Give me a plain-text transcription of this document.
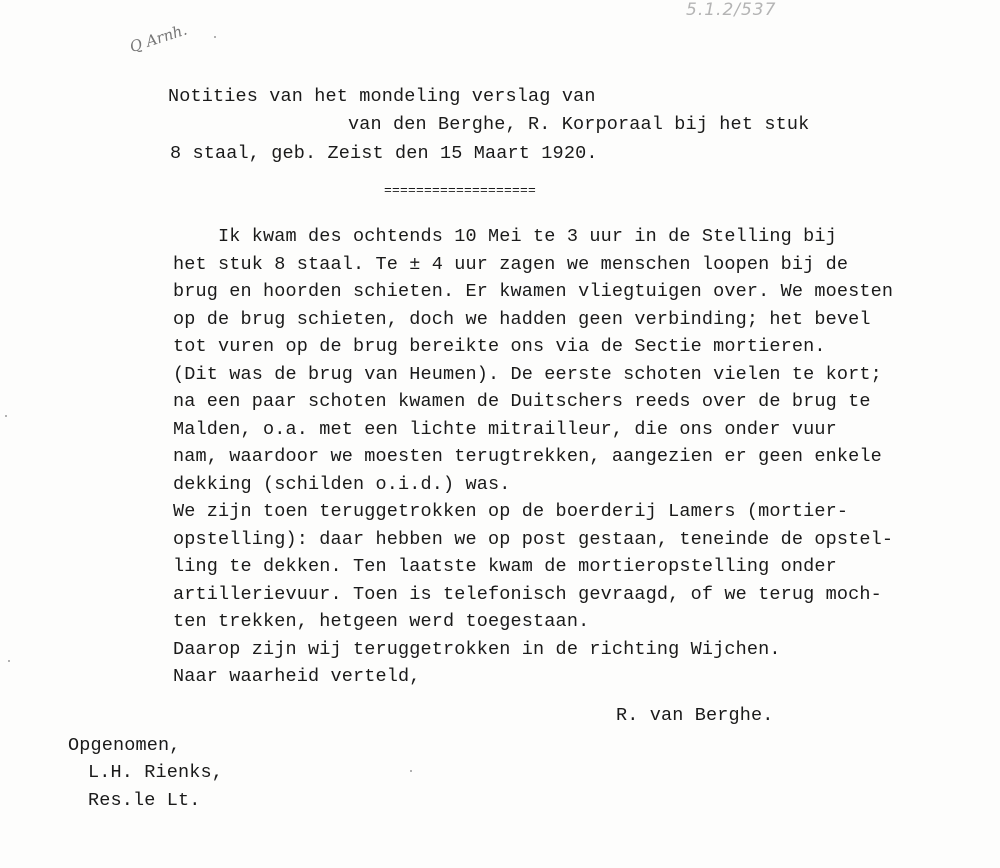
5.1.2/537
Q Arnh.
Notities van het mondeling verslag van
van den Berghe, R. Korporaal bij het stuk
8 staal, geb. Zeist den 15 Maart 1920.
===================
Ik kwam des ochtends 10 Mei te 3 uur in de Stelling bij
het stuk 8 staal. Te ± 4 uur zagen we menschen loopen bij de
brug en hoorden schieten. Er kwamen vliegtuigen over. We moesten
op de brug schieten, doch we hadden geen verbinding; het bevel
tot vuren op de brug bereikte ons via de Sectie mortieren.
(Dit was de brug van Heumen). De eerste schoten vielen te kort;
na een paar schoten kwamen de Duitschers reeds over de brug te
Malden, o.a. met een lichte mitrailleur, die ons onder vuur
nam, waardoor we moesten terugtrekken, aangezien er geen enkele
dekking (schilden o.i.d.) was.
We zijn toen teruggetrokken op de boerderij Lamers (mortier-
opstelling): daar hebben we op post gestaan, teneinde de opstel-
ling te dekken. Ten laatste kwam de mortieropstelling onder
artillerievuur. Toen is telefonisch gevraagd, of we terug moch-
ten trekken, hetgeen werd toegestaan.
Daarop zijn wij teruggetrokken in de richting Wijchen.
Naar waarheid verteld,
R. van Berghe.
Opgenomen,
L.H. Rienks,
Res.le Lt.
